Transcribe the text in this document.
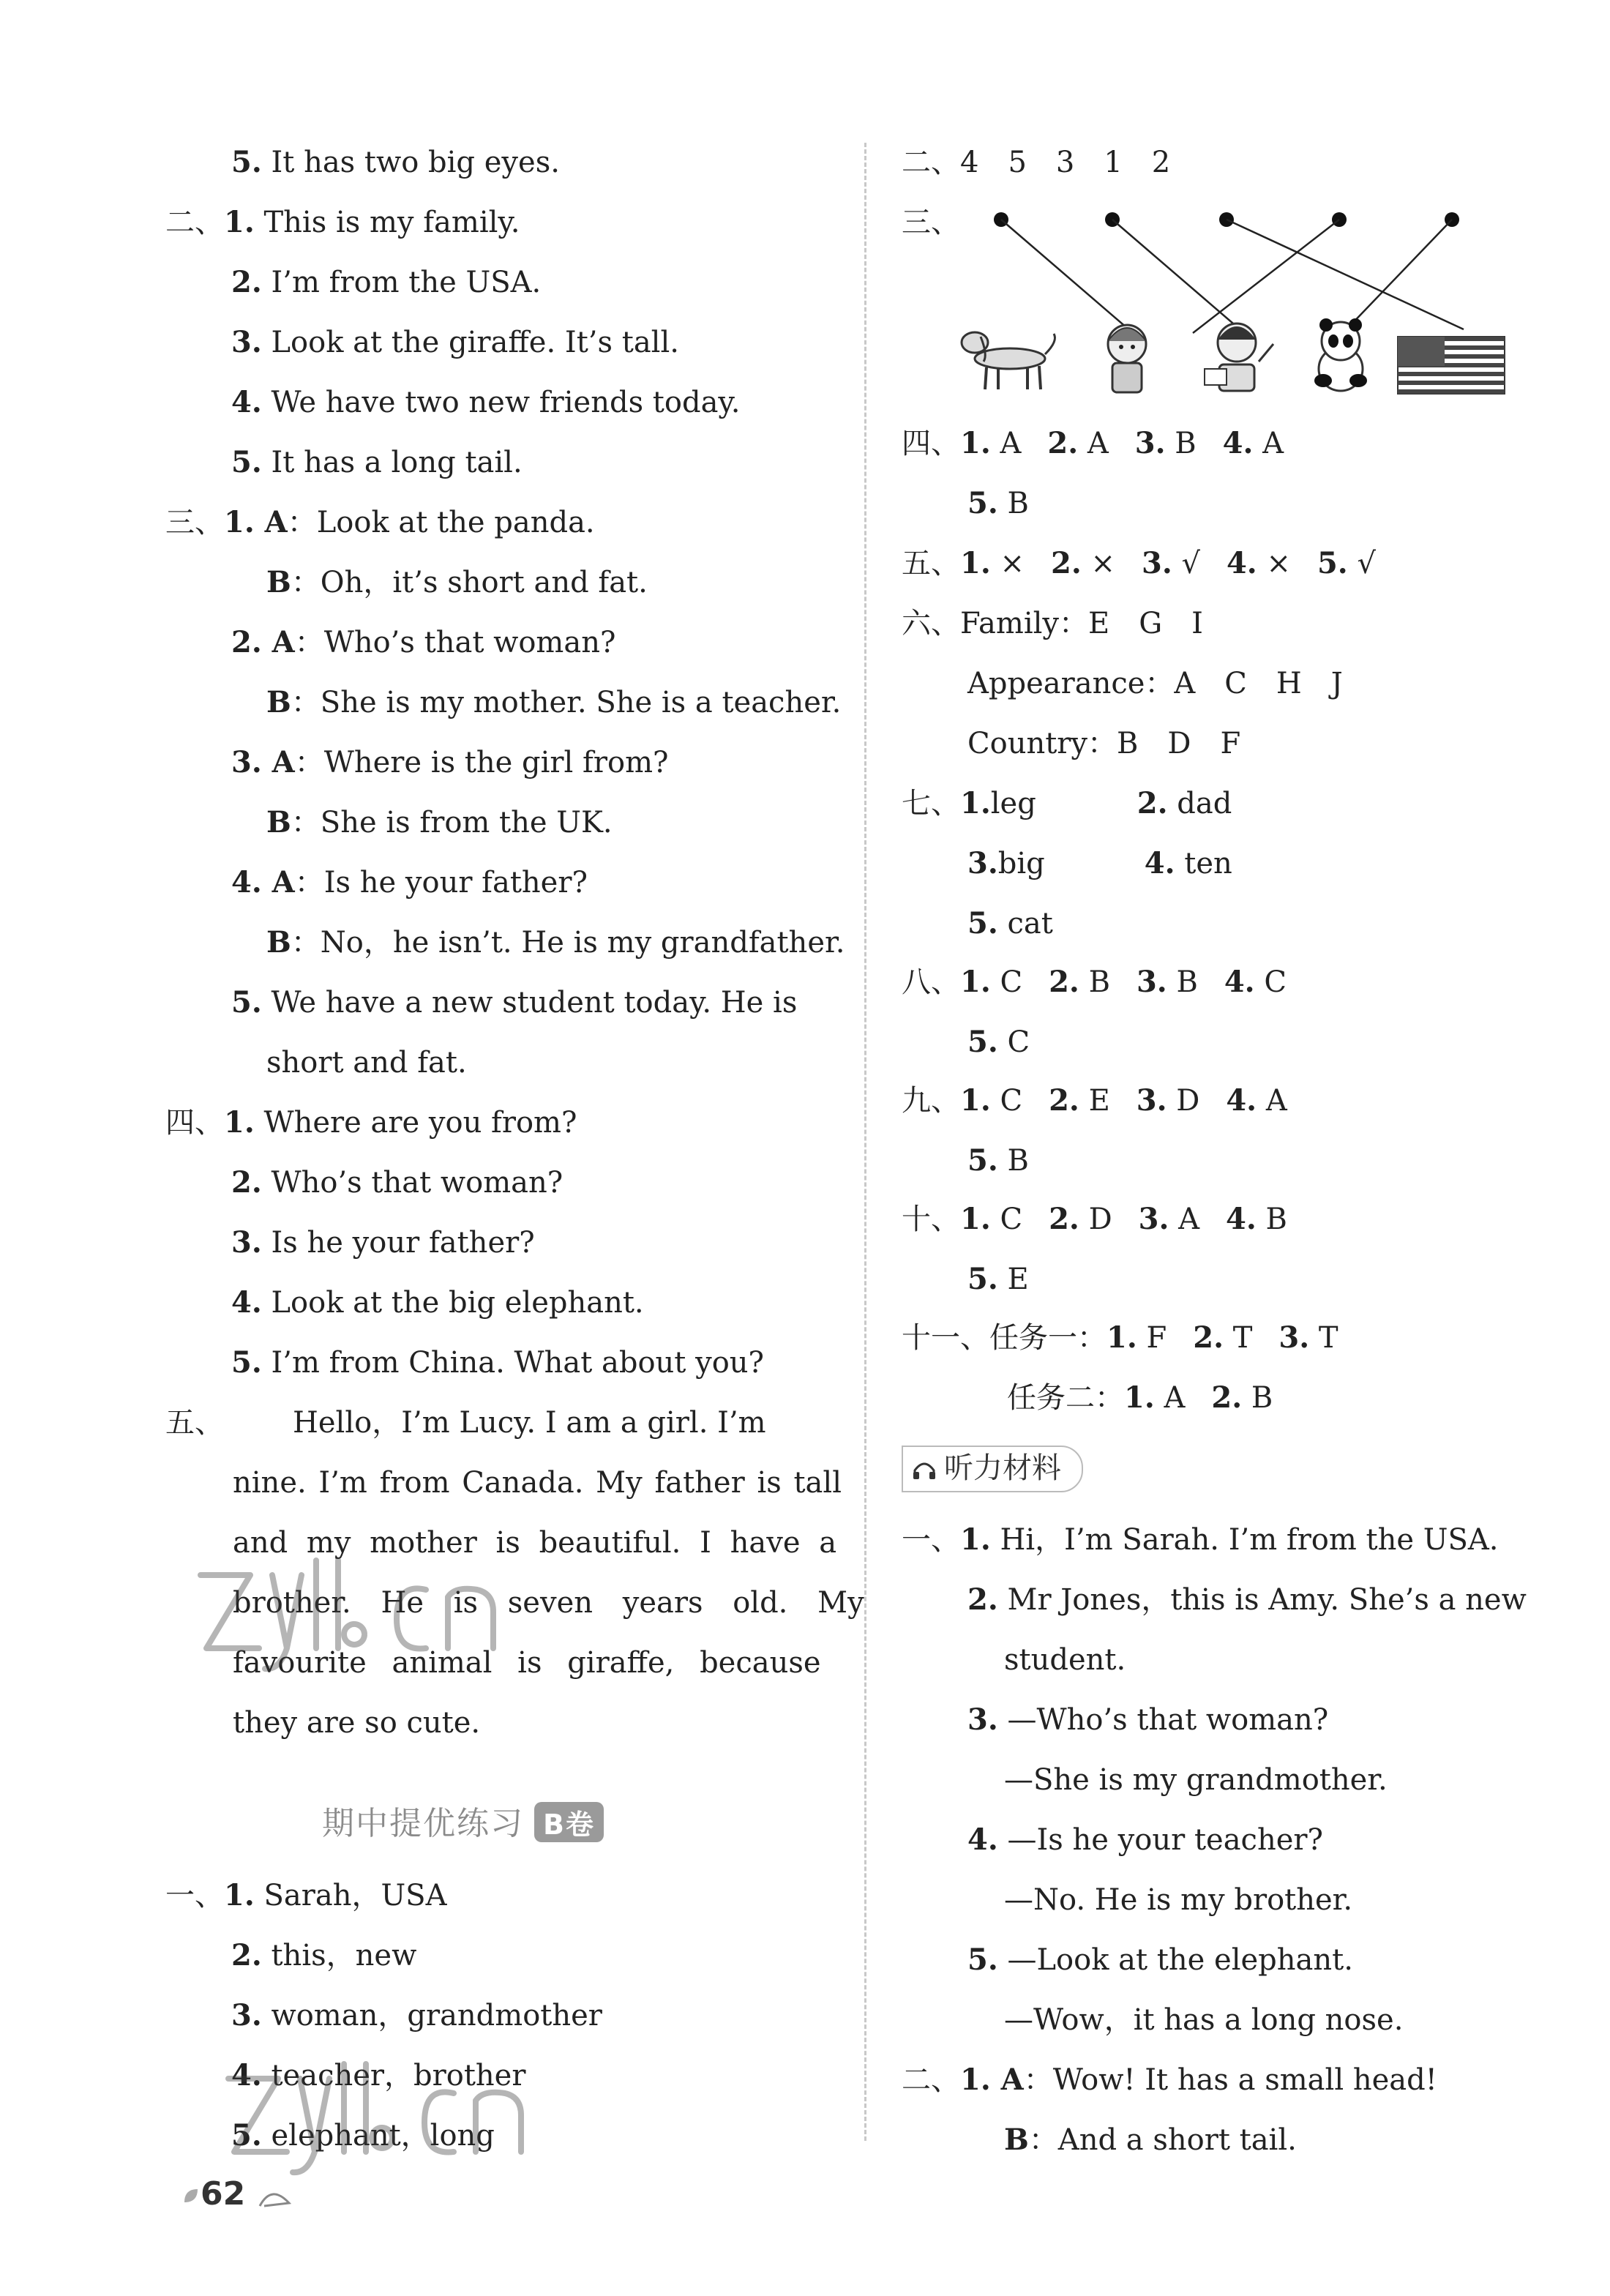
5. It has two big eyes.
二、1. This is my family.
2. I’m from the USA.
3. Look at the giraffe. It’s tall.
4. We have two new friends today.
5. It has a long tail.
三、1. A：Look at the panda.
B：Oh，it’s short and fat.
2. A：Who’s that woman?
B：She is my mother. She is a teacher.
3. A：Where is the girl from?
B：She is from the UK.
4. A：Is he your father?
B：No，he isn’t. He is my grandfather.
5. We have a new student today. He is
short and fat.
四、1. Where are you from?
2. Who’s that woman?
3. Is he your father?
4. Look at the big elephant.
5. I’m from China. What about you?
五、 Hello，I’m Lucy. I am a girl. I’m
nine. I’m from Canada. My father is tall
and my mother is beautiful. I have a
brother. He is seven years old. My
favourite animal is giraffe, because
they are so cute.
期中提优练习 B卷
一、1. Sarah，USA
2. this，new
3. woman，grandmother
4. teacher，brother
5. elephant，long
62
二、4　5　3　1　2
三、
四、1. A 2. A 3. B 4. A
5. B
五、1. × 2. × 3. √ 4. × 5. √
六、Family：E　G　I
Appearance：A　C　H　J
Country：B　D　F
七、1.leg	2. dad
3.big	4. ten
5. cat
八、1. C 2. B 3. B 4. C
5. C
九、1. C 2. E 3. D 4. A
5. B
十、1. C 2. D 3. A 4. B
5. E
十一、任务一：1. F 2. T 3. T
任务二：1. A 2. B
听力材料
一、1. Hi，I’m Sarah. I’m from the USA.
2. Mr Jones，this is Amy. She’s a new
student.
3. —Who’s that woman?
—She is my grandmother.
4. —Is he your teacher?
—No. He is my brother.
5. —Look at the elephant.
—Wow，it has a long nose.
二、1. A：Wow! It has a small head!
B：And a short tail.
